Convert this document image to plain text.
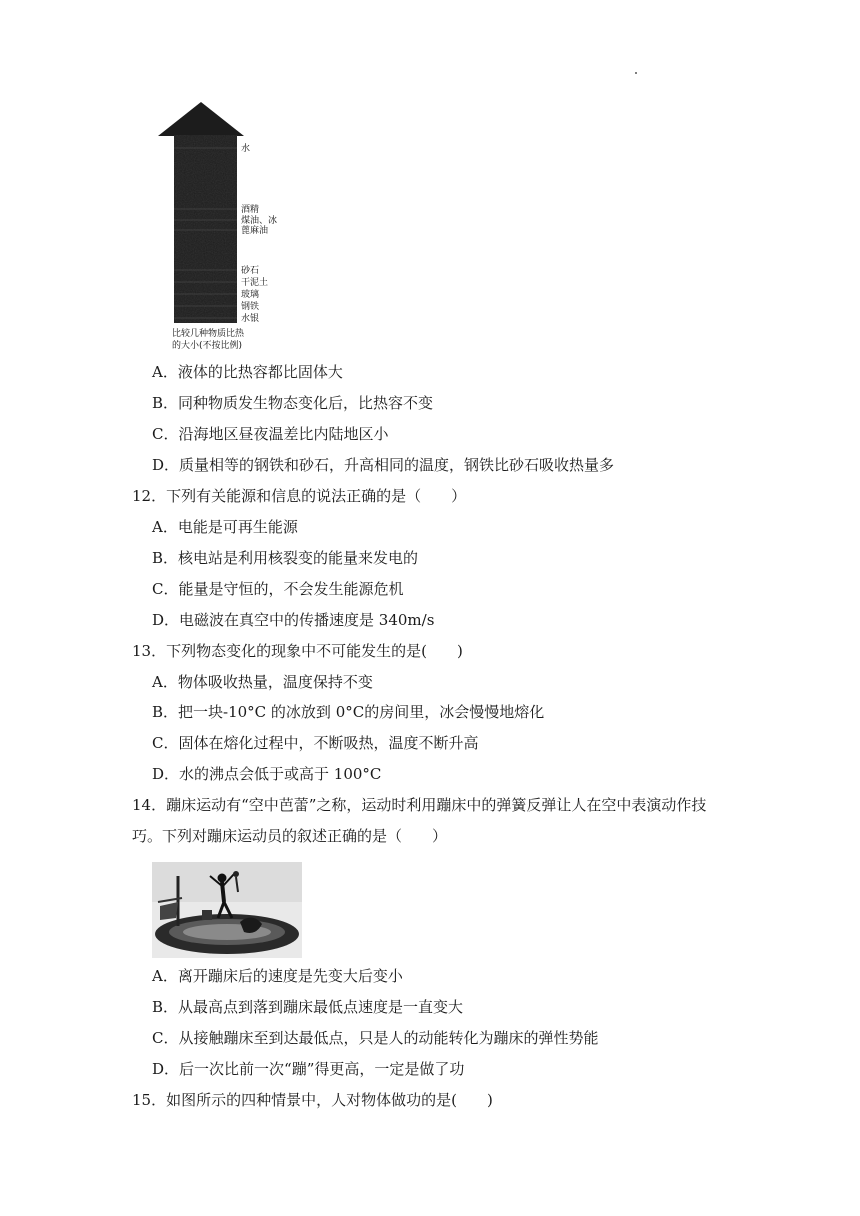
水
酒精
煤油、冰
蓖麻油
砂石
干泥土
玻璃
钢铁
水银
比较几种物质比热
的大小(不按比例)
A．液体的比热容都比固体大
B．同种物质发生物态变化后，比热容不变
C．沿海地区昼夜温差比内陆地区小
D．质量相等的钢铁和砂石，升高相同的温度，钢铁比砂石吸收热量多
12．下列有关能源和信息的说法正确的是（　　）
A．电能是可再生能源
B．核电站是利用核裂变的能量来发电的
C．能量是守恒的，不会发生能源危机
D．电磁波在真空中的传播速度是 340m/s
13．下列物态变化的现象中不可能发生的是(　　)
A．物体吸收热量，温度保持不变
B．把一块-10°C 的冰放到 0°C的房间里，冰会慢慢地熔化
C．固体在熔化过程中，不断吸热，温度不断升高
D．水的沸点会低于或高于 100°C
14．蹦床运动有“空中芭蕾”之称，运动时利用蹦床中的弹簧反弹让人在空中表演动作技
巧。下列对蹦床运动员的叙述正确的是（　　）
A．离开蹦床后的速度是先变大后变小
B．从最高点到落到蹦床最低点速度是一直变大
C．从接触蹦床至到达最低点，只是人的动能转化为蹦床的弹性势能
D．后一次比前一次“蹦”得更高，一定是做了功
15．如图所示的四种情景中，人对物体做功的是(　　)
